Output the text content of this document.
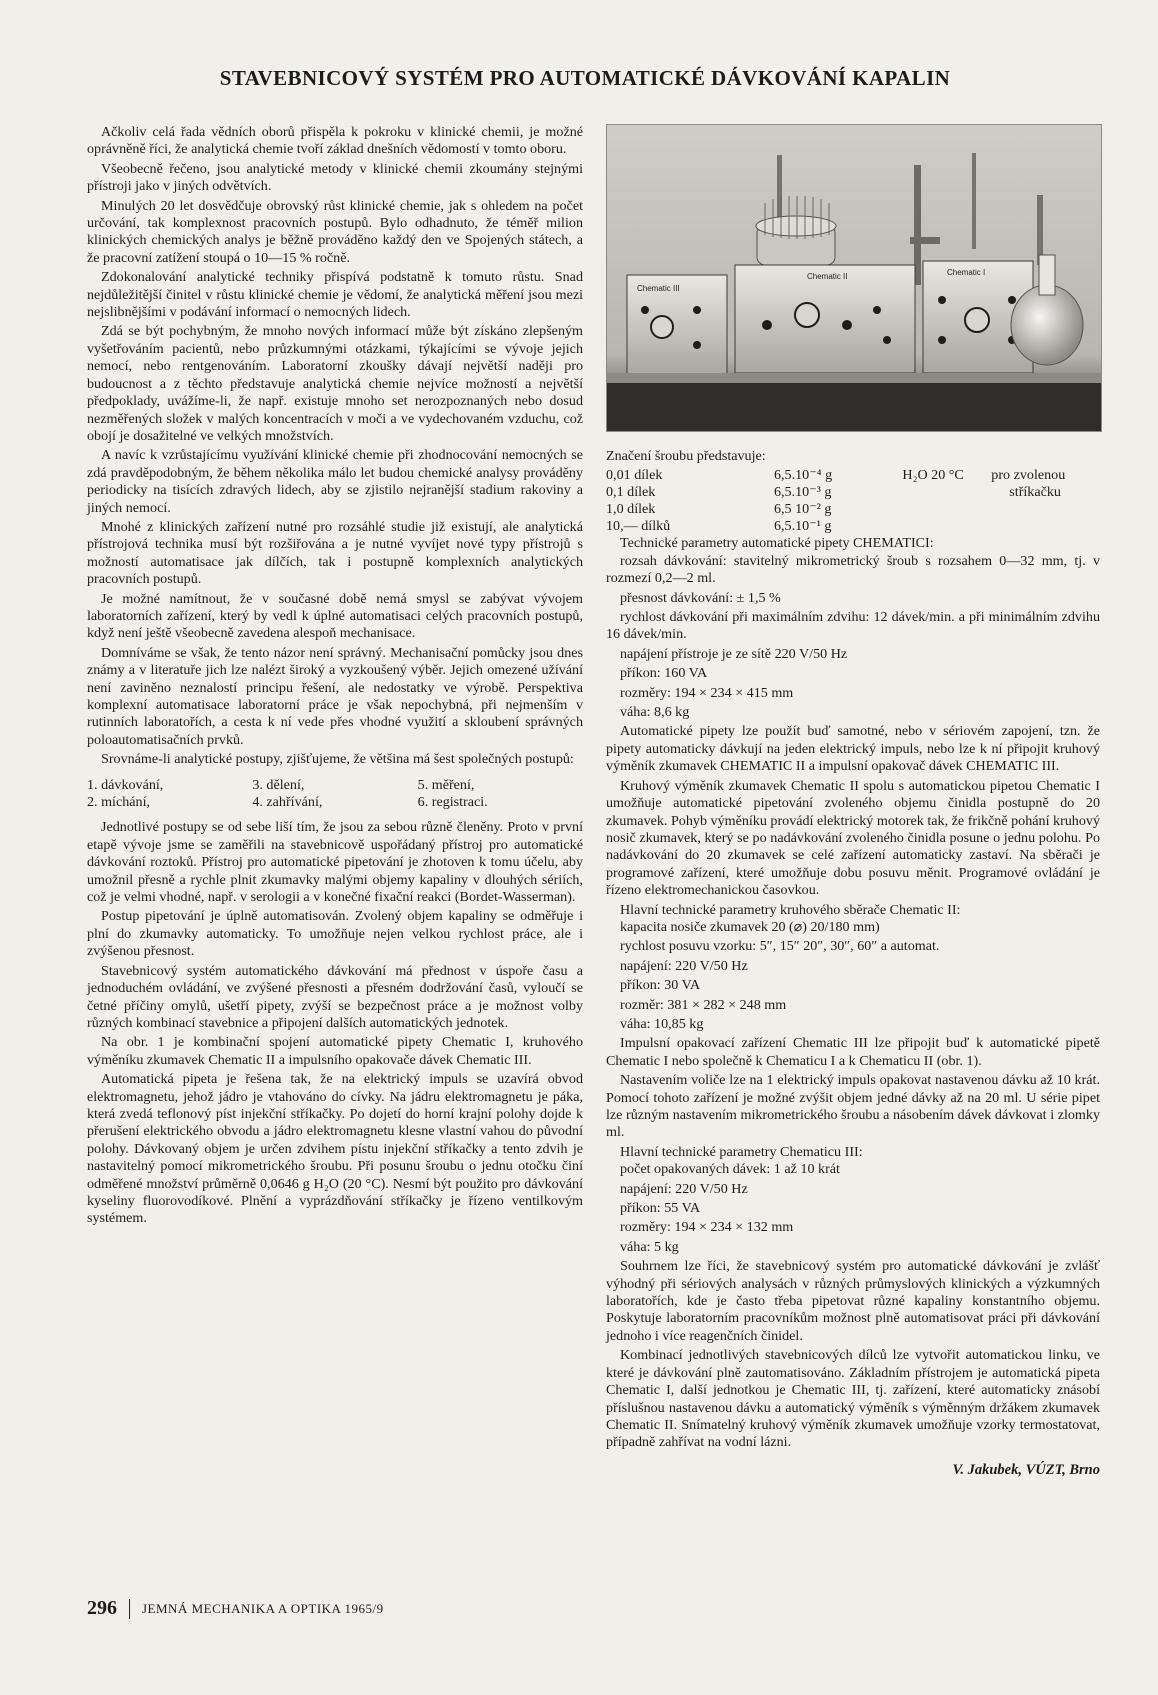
STAVEBNICOVÝ SYSTÉM PRO AUTOMATICKÉ DÁVKOVÁNÍ KAPALIN

Ačkoliv celá řada vědních oborů přispěla k pokroku v klinické chemii, je možné oprávněně říci, že analytická chemie tvoří základ dnešních vědomostí v tomto oboru.

Všeobecně řečeno, jsou analytické metody v klinické chemii zkoumány stejnými přístroji jako v jiných odvětvích.

Minulých 20 let dosvědčuje obrovský růst klinické chemie, jak s ohledem na počet určování, tak komplexnost pracovních postupů. Bylo odhadnuto, že téměř milion klinických chemických analys je běžně prováděno každý den ve Spojených státech, a že pracovní zatížení stoupá o 10—15 % ročně.

Zdokonalování analytické techniky přispívá podstatně k tomuto růstu. Snad nejdůležitější činitel v růstu klinické chemie je vědomí, že analytická měření jsou mezi nejslibnějšími v podávání informací o nemocných lidech.

Zdá se být pochybným, že mnoho nových informací může být získáno zlepšeným vyšetřováním pacientů, nebo průzkumnými otázkami, týkajícími se vývoje jejich nemocí, nebo rentgenováním. Laboratorní zkoušky dávají největší naději pro budoucnost a z těchto představuje analytická chemie nejvíce možností a největší předpoklady, uvážíme-li, že např. existuje mnoho set nerozpoznaných nebo dosud nezměřených složek v malých koncentracích v moči a ve vydechovaném vzduchu, což obojí je dosažitelné ve velkých množstvích.

A navíc k vzrůstajícímu využívání klinické chemie při zhodnocování nemocných se zdá pravděpodobným, že během několika málo let budou chemické analysy prováděny periodicky na tisících zdravých lidech, aby se zjistilo nejranější stadium rakoviny a jiných nemocí.

Mnohé z klinických zařízení nutné pro rozsáhlé studie již existují, ale analytická přístrojová technika musí být rozšiřována a je nutné vyvíjet nové typy přístrojů s možností automatisace jak dílčích, tak i postupně komplexních analytických pracovních postupů.

Je možné namítnout, že v současné době nemá smysl se zabývat vývojem laboratorních zařízení, který by vedl k úplné automatisaci celých pracovních postupů, když není ještě všeobecně zavedena alespoň mechanisace.

Domníváme se však, že tento názor není správný. Mechanisační pomůcky jsou dnes známy a v literatuře jich lze nalézt široký a vyzkoušený výběr. Jejich omezené užívání není zaviněno neznalostí principu řešení, ale nedostatky ve výrobě. Perspektiva komplexní automatisace laboratorní práce je však nepochybná, při nejmenším v rutinních laboratořích, a cesta k ní vede přes vhodné využití a skloubení správných poloautomatisačních prvků.

Srovnáme-li analytické postupy, zjišťujeme, že většina má šest společných postupů:

1. dávkování,	3. dělení,	5. měření,
2. míchání,	4. zahřívání,	6. registraci.

Jednotlivé postupy se od sebe liší tím, že jsou za sebou různě členěny. Proto v první etapě vývoje jsme se zaměřili na stavebnicově uspořádaný přístroj pro automatické dávkování roztoků. Přístroj pro automatické pipetování je zhotoven k tomu účelu, aby umožnil přesně a rychle plnit zkumavky malými objemy kapaliny v dlouhých sériích, což je velmi vhodné, např. v serologii a v konečné fixační reakci (Bordet-Wasserman).

Postup pipetování je úplně automatisován. Zvolený objem kapaliny se odměřuje i plní do zkumavky automaticky. To umožňuje nejen velkou rychlost práce, ale i zvýšenou přesnost.

Stavebnicový systém automatického dávkování má přednost v úspoře času a jednoduchém ovládání, ve zvýšené přesnosti a přesném dodržování časů, vyloučí se četné příčiny omylů, ušetří pipety, zvýší se bezpečnost práce a je možnost volby různých kombinací stavebnice a připojení dalších automatických jednotek.

Na obr. 1 je kombinační spojení automatické pipety Chematic I, kruhového výměníku zkumavek Chematic II a impulsního opakovače dávek Chematic III.

Automatická pipeta je řešena tak, že na elektrický impuls se uzavírá obvod elektromagnetu, jehož jádro je vtahováno do cívky. Na jádru elektromagnetu je páka, která zvedá teflonový píst injekční stříkačky. Po dojetí do horní krajní polohy dojde k přerušení elektrického obvodu a jádro elektromagnetu klesne vlastní vahou do původní polohy. Dávkovaný objem je určen zdvihem pístu injekční stříkačky a tento zdvih je nastavitelný pomocí mikrometrického šroubu. Při posunu šroubu o jednu otočku činí odměřené množství průměrně 0,0646 g H₂O (20 °C). Nesmí být použito pro dávkování kyseliny fluorovodíkové. Plnění a vyprázdňování stříkačky je řízeno ventilkovým systémem.

Chematic III
Chematic II	Chematic I

Značení šroubu představuje:

0,01 dílek	6,5.10⁻⁴ g	H₂O 20 °C	pro zvolenou
0,1 dílek	6,5.10⁻³ g		stříkačku
1,0 dílek	6,5 10⁻² g		
10,— dílků	6,5.10⁻¹ g		

Technické parametry automatické pipety CHEMATICI:

rozsah dávkování: stavitelný mikrometrický šroub s rozsahem 0—32 mm, tj. v rozmezí 0,2—2 ml.

přesnost dávkování: ± 1,5 %

rychlost dávkování při maximálním zdvihu: 12 dávek/min. a při minimálním zdvihu 16 dávek/min.

napájení přístroje je ze sítě 220 V/50 Hz

příkon: 160 VA

rozměry: 194 × 234 × 415 mm

váha: 8,6 kg

Automatické pipety lze použít buď samotné, nebo v sériovém zapojení, tzn. že pipety automaticky dávkují na jeden elektrický impuls, nebo lze k ní připojit kruhový výměník zkumavek CHEMATIC II a impulsní opakovač dávek CHEMATIC III.

Kruhový výměník zkumavek Chematic II spolu s automatickou pipetou Chematic I umožňuje automatické pipetování zvoleného objemu činidla postupně do 20 zkumavek. Pohyb výměníku provádí elektrický motorek tak, že frikčně pohání kruhový nosič zkumavek, který se po nadávkování zvoleného činidla posune o jednu polohu. Po nadávkování do 20 zkumavek se celé zařízení automaticky zastaví. Na sběrači je programové zařízení, které umožňuje dobu posuvu měnit. Programové ovládání je řízeno elektromechanickou časovkou.

Hlavní technické parametry kruhového sběrače Chematic II:

kapacita nosiče zkumavek 20 (⌀) 20/180 mm)

rychlost posuvu vzorku: 5″, 15″ 20″, 30″, 60″ a automat.

napájení: 220 V/50 Hz

příkon: 30 VA

rozměr: 381 × 282 × 248 mm

váha: 10,85 kg

Impulsní opakovací zařízení Chematic III lze připojit buď k automatické pipetě Chematic I nebo společně k Chematicu I a k Chematicu II (obr. 1).

Nastavením voliče lze na 1 elektrický impuls opakovat nastavenou dávku až 10 krát. Pomocí tohoto zařízení je možné zvýšit objem jedné dávky až na 20 ml. U série pipet lze různým nastavením mikrometrického šroubu a násobením dávek dávkovat i zlomky ml.

Hlavní technické parametry Chematicu III:

počet opakovaných dávek: 1 až 10 krát

napájení: 220 V/50 Hz

příkon: 55 VA

rozměry: 194 × 234 × 132 mm

váha: 5 kg

Souhrnem lze říci, že stavebnicový systém pro automatické dávkování je zvlášť výhodný při sériových analysách v různých průmyslových klinických a výzkumných laboratořích, kde je často třeba pipetovat různé kapaliny konstantního objemu. Poskytuje laboratorním pracovníkům možnost plně automatisovat práci při dávkování jednoho i více reagenčních činidel.

Kombinací jednotlivých stavebnicových dílců lze vytvořit automatickou linku, ve které je dávkování plně zautomatisováno. Základním přístrojem je automatická pipeta Chematic I, další jednotkou je Chematic III, tj. zařízení, které automaticky znásobí příslušnou nastavenou dávku a automatický výměník s výměnným držákem zkumavek Chematic II. Snímatelný kruhový výměník zkumavek umožňuje vzorky termostatovat, případně zahřívat na vodní lázni.

V. Jakubek, VÚZT, Brno
296 JEMNÁ MECHANIKA A OPTIKA 1965/9
